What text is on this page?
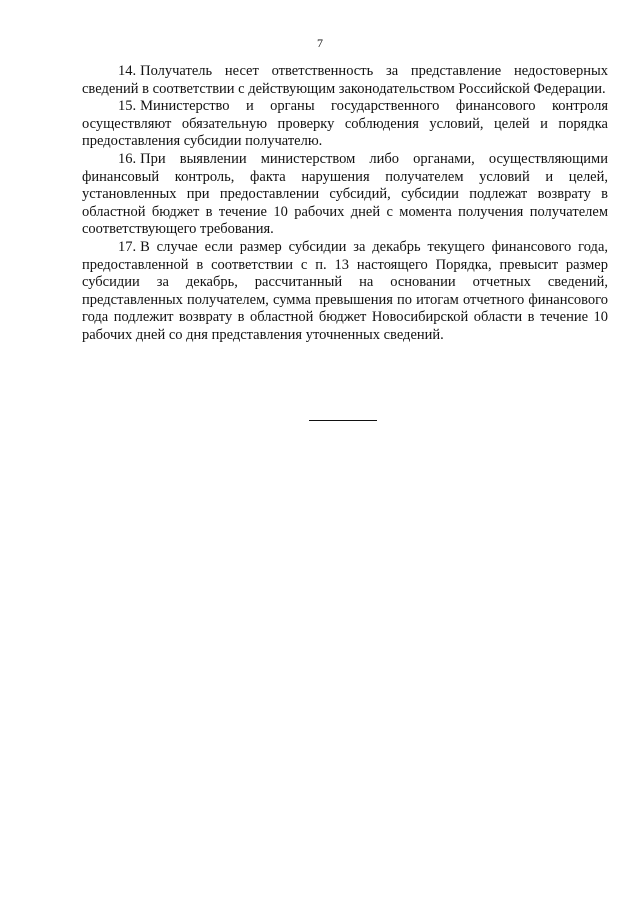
7

14. Получатель несет ответственность за представление недостоверных сведений в соответствии с действующим законодательством Российской Федерации.

15. Министерство и органы государственного финансового контроля осуществляют обязательную проверку соблюдения условий, целей и порядка предоставления субсидии получателю.

16. При выявлении министерством либо органами, осуществляющими финансовый контроль, факта нарушения получателем условий и целей, установленных при предоставлении субсидий, субсидии подлежат возврату в областной бюджет в течение 10 рабочих дней с момента получения получателем соответствующего требования.

17. В случае если размер субсидии за декабрь текущего финансового года, предоставленной в соответствии с п. 13 настоящего Порядка, превысит размер субсидии за декабрь, рассчитанный на основании отчетных сведений, представленных получателем, сумма превышения по итогам отчетного финансового года подлежит возврату в областной бюджет Новосибирской области в течение 10 рабочих дней со дня представления уточненных сведений.
